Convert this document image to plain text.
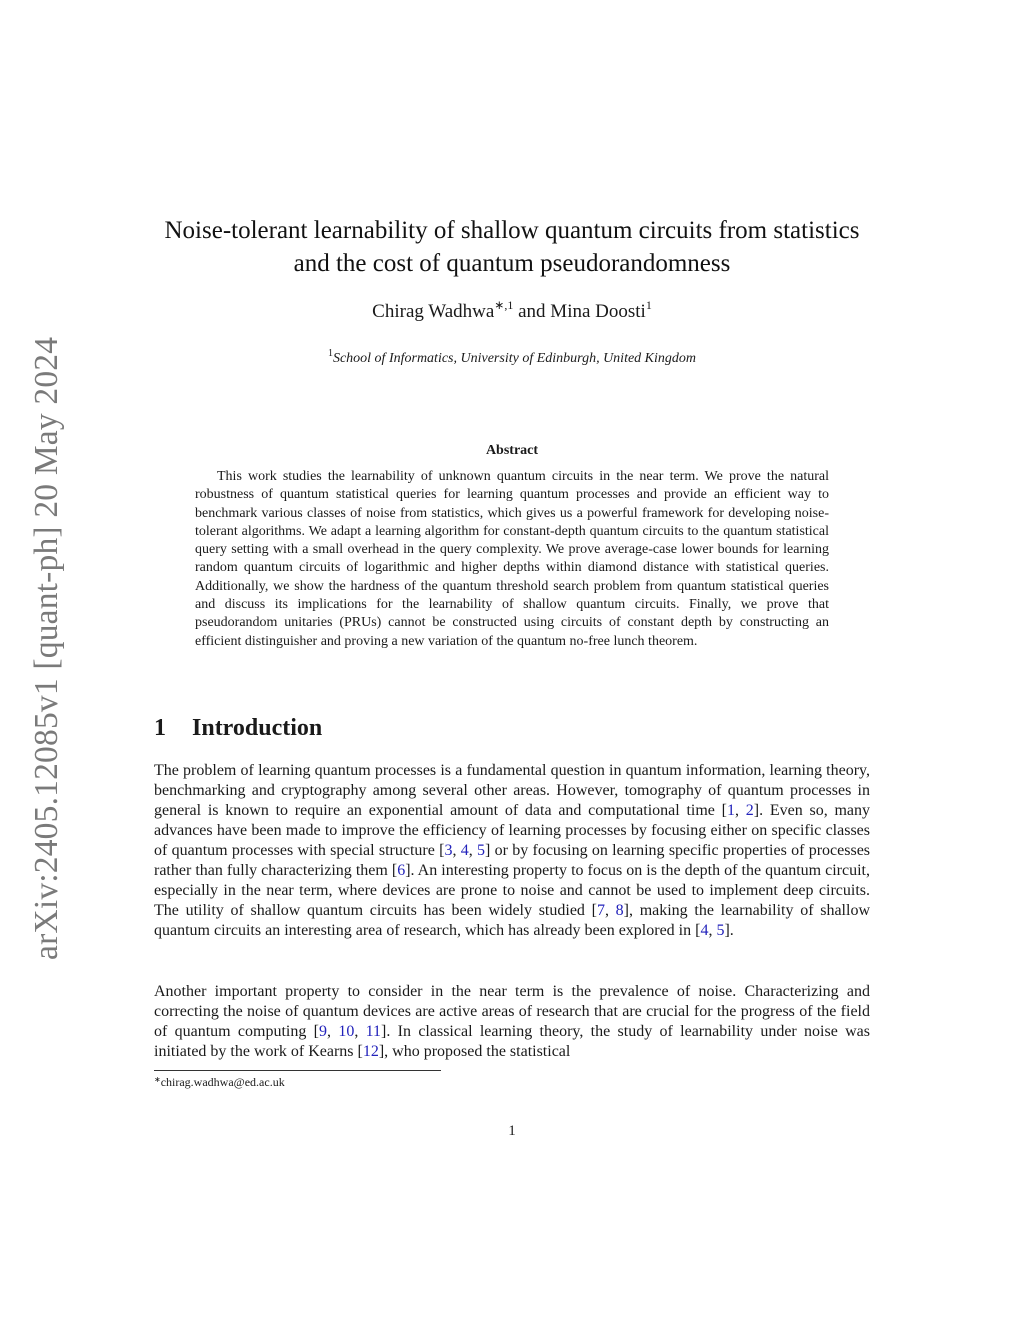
arXiv:2405.12085v1 [quant-ph] 20 May 2024
Noise-tolerant learnability of shallow quantum circuits from statistics
and the cost of quantum pseudorandomness
Chirag Wadhwa$^{∗,1}$ and Mina Doosti$^1$
$^1$School of Informatics, University of Edinburgh, United Kingdom
Abstract

This work studies the learnability of unknown quantum circuits in the near term. We prove the natural robustness of quantum statistical queries for learning quantum processes and provide an efficient way to benchmark various classes of noise from statistics, which gives us a powerful framework for developing noise-tolerant algorithms. We adapt a learning algorithm for constant-depth quantum circuits to the quantum statistical query setting with a small overhead in the query complexity. We prove average-case lower bounds for learning random quantum circuits of logarithmic and higher depths within diamond distance with statistical queries. Additionally, we show the hardness of the quantum threshold search problem from quantum statistical queries and discuss its implications for the learnability of shallow quantum circuits. Finally, we prove that pseudorandom unitaries (PRUs) cannot be constructed using circuits of constant depth by constructing an efficient distinguisher and proving a new variation of the quantum no-free lunch theorem.

1 Introduction

The problem of learning quantum processes is a fundamental question in quantum information, learning theory, benchmarking and cryptography among several other areas. However, tomography of quantum processes in general is known to require an exponential amount of data and computational time [1, 2]. Even so, many advances have been made to improve the efficiency of learning processes by focusing either on specific classes of quantum processes with special structure [3, 4, 5] or by focusing on learning specific properties of processes rather than fully characterizing them [6]. An interesting property to focus on is the depth of the quantum circuit, especially in the near term, where devices are prone to noise and cannot be used to implement deep circuits. The utility of shallow quantum circuits has been widely studied [7, 8], making the learnability of shallow quantum circuits an interesting area of research, which has already been explored in [4, 5].

Another important property to consider in the near term is the prevalence of noise. Characterizing and correcting the noise of quantum devices are active areas of research that are crucial for the progress of the field of quantum computing [9, 10, 11]. In classical learning theory, the study of learnability under noise was initiated by the work of Kearns [12], who proposed the statistical

∗chirag.wadhwa@ed.ac.uk
1
